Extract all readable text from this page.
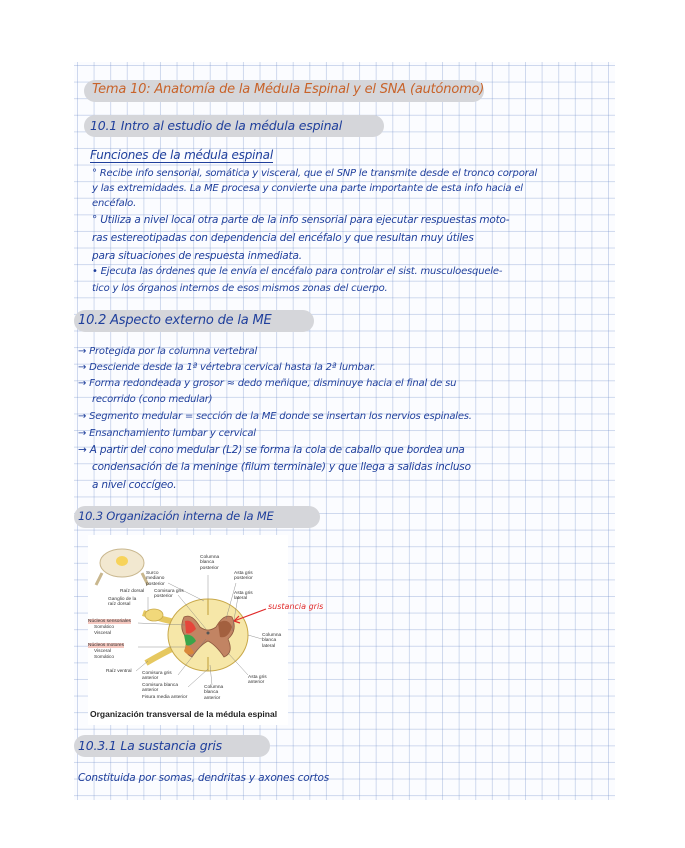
Tema 10: Anatomía de la Médula Espinal y el SNA (autónomo)
10.1 Intro al estudio de la médula espinal
Funciones de la médula espinal
° Recibe info sensorial, somática y visceral, que el SNP le transmite desde el tronco corporal
y las extremidades. La ME procesa y convierte una parte importante de esta info hacia el
encéfalo.
° Utiliza a nivel local otra parte de la info sensorial para ejecutar respuestas moto-
ras estereotipadas con dependencia del encéfalo y que resultan muy útiles
para situaciones de respuesta inmediata.
• Ejecuta las órdenes que le envía el encéfalo para controlar el sist. musculoesquele-
tico y los órganos internos de esos mismos zonas del cuerpo.
10.2 Aspecto externo de la ME
→ Protegida por la columna vertebral
→ Desciende desde la 1ª vértebra cervical hasta la 2ª lumbar.
→ Forma redondeada y grosor ≈ dedo meñique, disminuye hacia el final de su
recorrido (cono medular)
→ Segmento medular = sección de la ME donde se insertan los nervios espinales.
→ Ensanchamiento lumbar y cervical
→ A partir del cono medular (L2) se forma la cola de caballo que bordea una
condensación de la meninge (filum terminale) y que llega a salidas incluso
a nivel coccígeo.
10.3 Organización interna de la ME
Columna blanca posterior
Surco mediano posterior
Asta gris posterior
Comisura gris posterior
Raíz dorsal
Ganglio de la raíz dorsal
Asta gris lateral
Núcleos sensoriales
Somático
Visceral	Columna blanca lateral
Núcleos motores
Visceral
Somático
Raíz ventral Comisura gris anterior
Comisura blanca anterior
Fisura media anterior
Columna blanca anterior
Asta gris anterior
Organización transversal de la médula espinal
sustancia gris
10.3.1 La sustancia gris
Constituida por somas, dendritas y axones cortos
